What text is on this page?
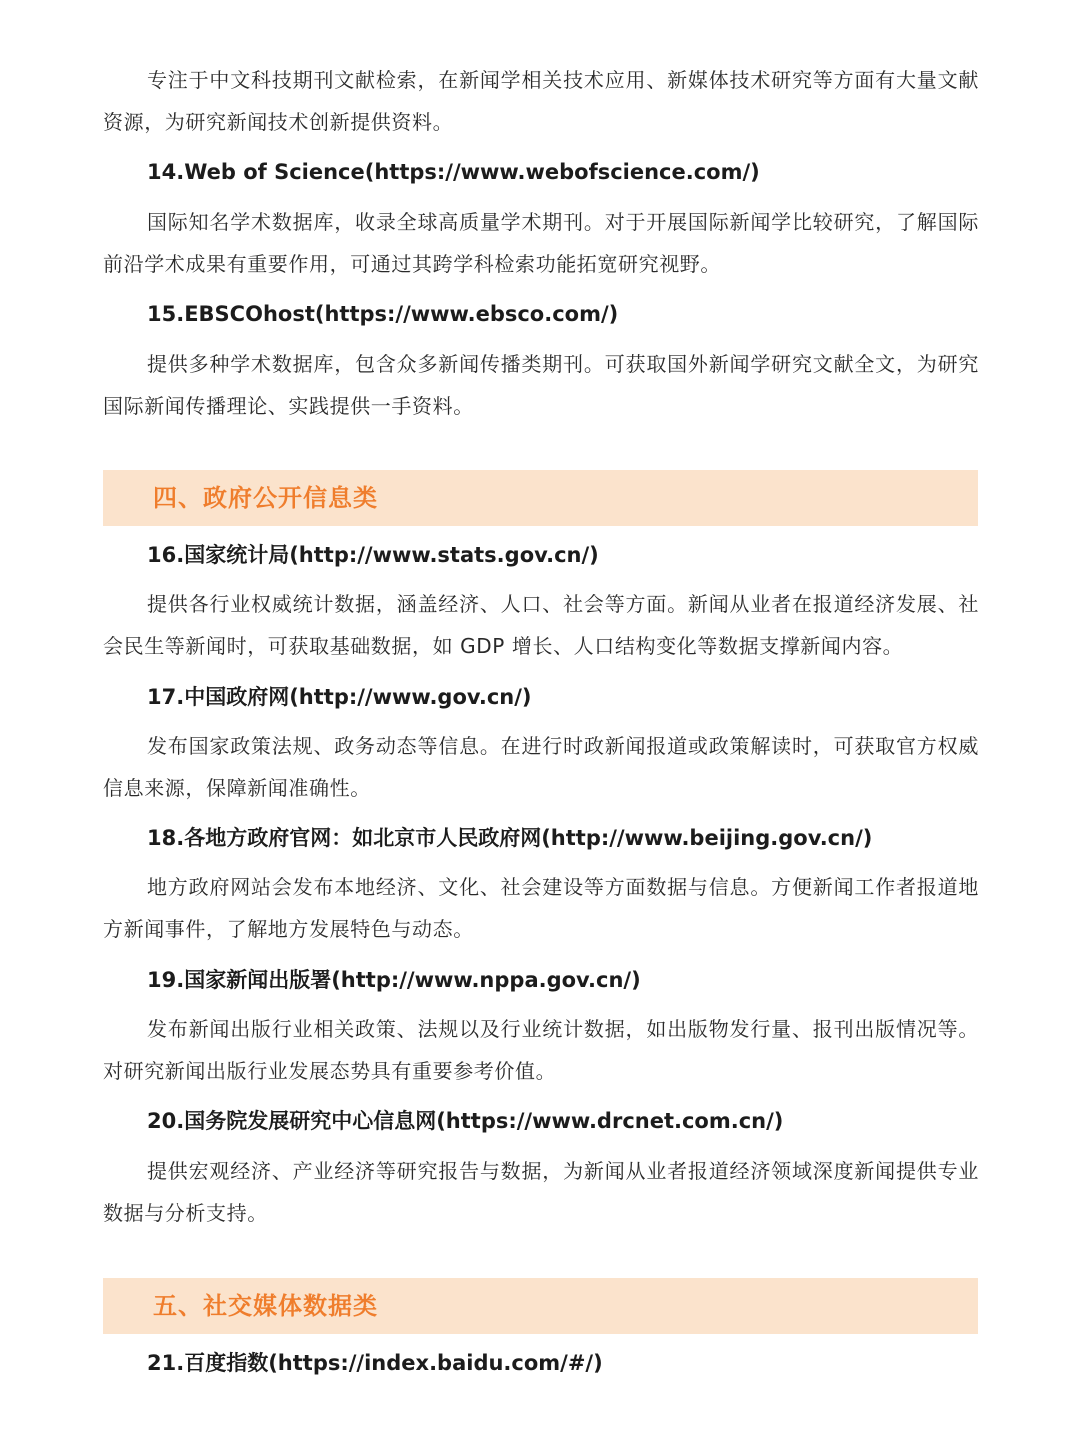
专注于中文科技期刊文献检索，在新闻学相关技术应用、新媒体技术研究等方面有大量文献资源，为研究新闻技术创新提供资料。

14.Web of Science(https://www.webofscience.com/)

国际知名学术数据库，收录全球高质量学术期刊。对于开展国际新闻学比较研究，了解国际前沿学术成果有重要作用，可通过其跨学科检索功能拓宽研究视野。

15.EBSCOhost(https://www.ebsco.com/)

提供多种学术数据库，包含众多新闻传播类期刊。可获取国外新闻学研究文献全文，为研究国际新闻传播理论、实践提供一手资料。

四、政府公开信息类
16.国家统计局(http://www.stats.gov.cn/)

提供各行业权威统计数据，涵盖经济、人口、社会等方面。新闻从业者在报道经济发展、社会民生等新闻时，可获取基础数据，如 GDP 增长、人口结构变化等数据支撑新闻内容。

17.中国政府网(http://www.gov.cn/)

发布国家政策法规、政务动态等信息。在进行时政新闻报道或政策解读时，可获取官方权威信息来源，保障新闻准确性。

18.各地方政府官网：如北京市人民政府网(http://www.beijing.gov.cn/)

地方政府网站会发布本地经济、文化、社会建设等方面数据与信息。方便新闻工作者报道地方新闻事件，了解地方发展特色与动态。

19.国家新闻出版署(http://www.nppa.gov.cn/)

发布新闻出版行业相关政策、法规以及行业统计数据，如出版物发行量、报刊出版情况等。对研究新闻出版行业发展态势具有重要参考价值。

20.国务院发展研究中心信息网(https://www.drcnet.com.cn/)

提供宏观经济、产业经济等研究报告与数据，为新闻从业者报道经济领域深度新闻提供专业数据与分析支持。

五、社交媒体数据类
21.百度指数(https://index.baidu.com/#/)
